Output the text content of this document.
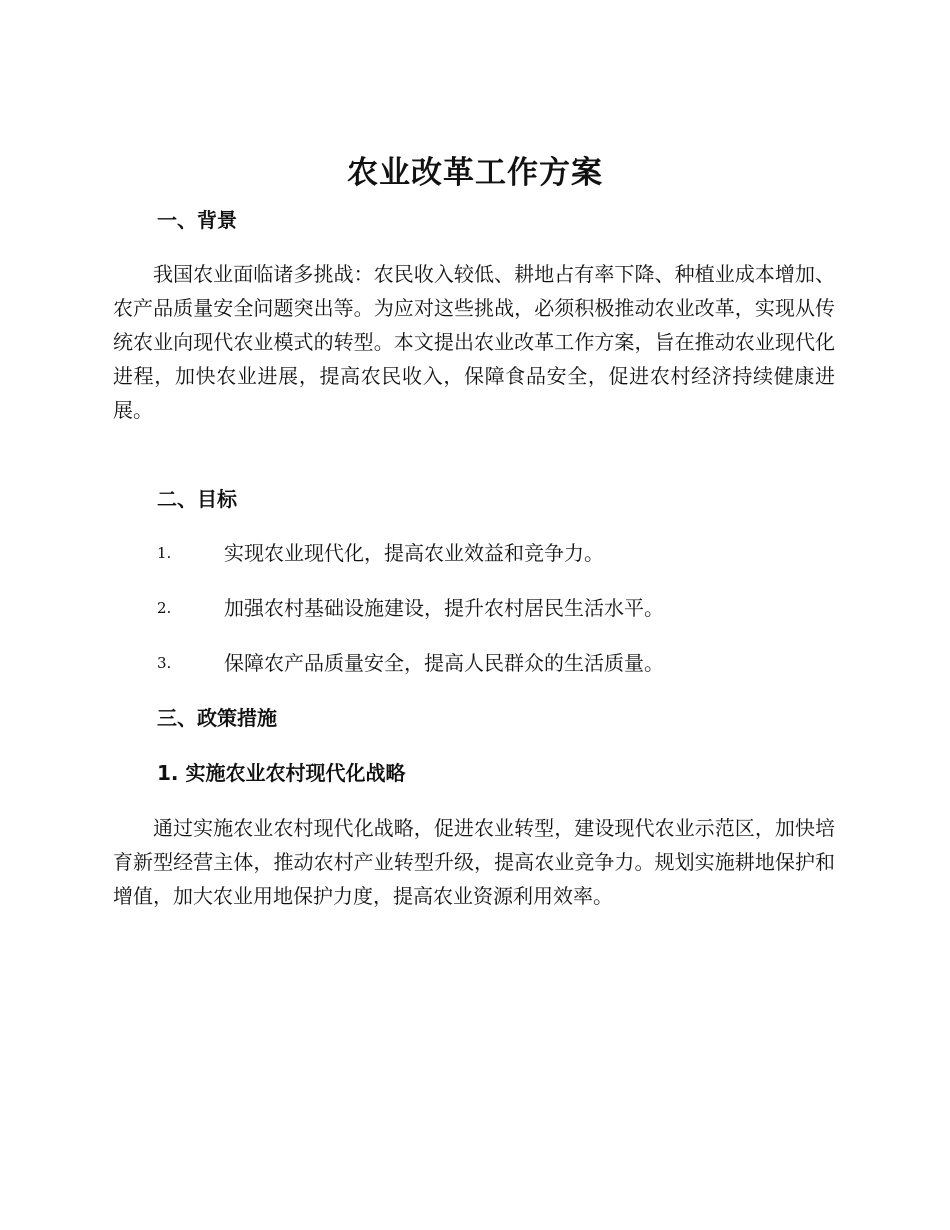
农业改革工作方案
一、背景

我国农业面临诸多挑战：农民收入较低、耕地占有率下降、种植业成本增加、农产品质量安全问题突出等。为应对这些挑战，必须积极推动农业改革，实现从传统农业向现代农业模式的转型。本文提出农业改革工作方案，旨在推动农业现代化进程，加快农业进展，提高农民收入，保障食品安全，促进农村经济持续健康进展。

二、目标
1.	实现农业现代化，提高农业效益和竞争力。
2.	加强农村基础设施建设，提升农村居民生活水平。
3.	保障农产品质量安全，提高人民群众的生活质量。
三、政策措施
1. 实施农业农村现代化战略

通过实施农业农村现代化战略，促进农业转型，建设现代农业示范区，加快培育新型经营主体，推动农村产业转型升级，提高农业竞争力。规划实施耕地保护和增值，加大农业用地保护力度，提高农业资源利用效率。
